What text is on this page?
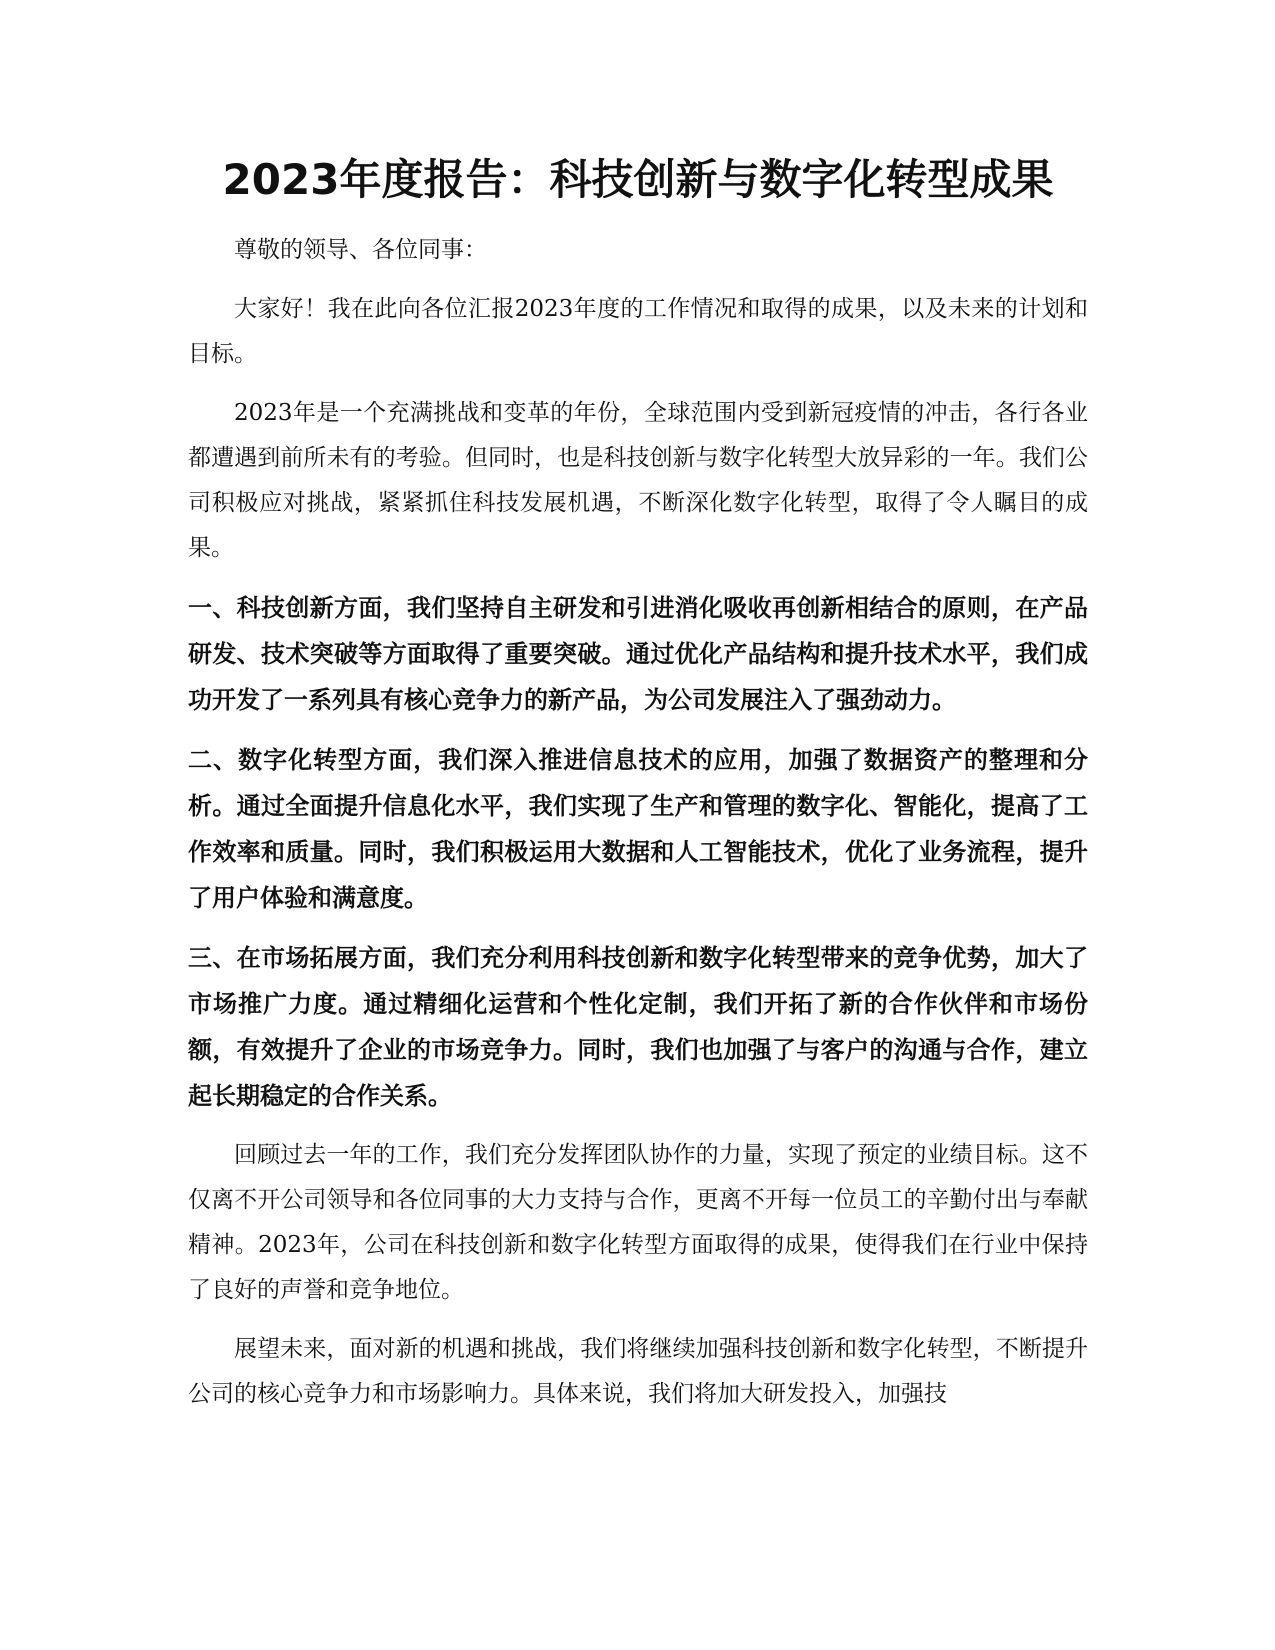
2023年度报告：科技创新与数字化转型成果

尊敬的领导、各位同事：

大家好！我在此向各位汇报2023年度的工作情况和取得的成果，以及未来的计划和目标。

2023年是一个充满挑战和变革的年份，全球范围内受到新冠疫情的冲击，各行各业都遭遇到前所未有的考验。但同时，也是科技创新与数字化转型大放异彩的一年。我们公司积极应对挑战，紧紧抓住科技发展机遇，不断深化数字化转型，取得了令人瞩目的成果。

一、科技创新方面，我们坚持自主研发和引进消化吸收再创新相结合的原则，在产品研发、技术突破等方面取得了重要突破。通过优化产品结构和提升技术水平，我们成功开发了一系列具有核心竞争力的新产品，为公司发展注入了强劲动力。

二、数字化转型方面，我们深入推进信息技术的应用，加强了数据资产的整理和分析。通过全面提升信息化水平，我们实现了生产和管理的数字化、智能化，提高了工作效率和质量。同时，我们积极运用大数据和人工智能技术，优化了业务流程，提升了用户体验和满意度。

三、在市场拓展方面，我们充分利用科技创新和数字化转型带来的竞争优势，加大了市场推广力度。通过精细化运营和个性化定制，我们开拓了新的合作伙伴和市场份额，有效提升了企业的市场竞争力。同时，我们也加强了与客户的沟通与合作，建立起长期稳定的合作关系。

回顾过去一年的工作，我们充分发挥团队协作的力量，实现了预定的业绩目标。这不仅离不开公司领导和各位同事的大力支持与合作，更离不开每一位员工的辛勤付出与奉献精神。2023年，公司在科技创新和数字化转型方面取得的成果，使得我们在行业中保持了良好的声誉和竞争地位。

展望未来，面对新的机遇和挑战，我们将继续加强科技创新和数字化转型，不断提升公司的核心竞争力和市场影响力。具体来说，我们将加大研发投入，加强技
